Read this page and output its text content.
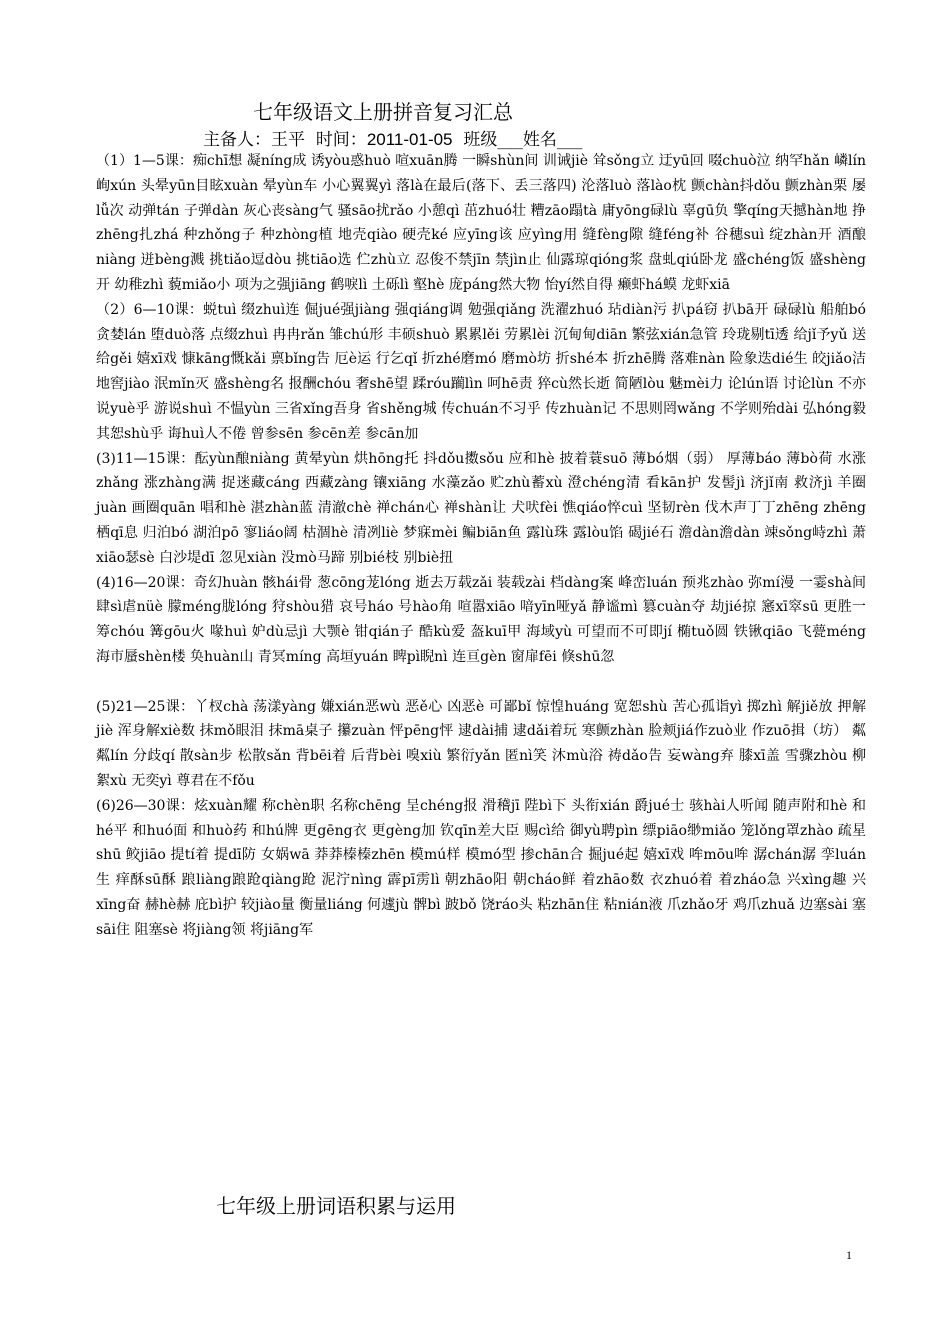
七年级语文上册拼音复习汇总
主备人：王平 时间：2011-01-05 班级___姓名___

（1）1—5课：痴chī想 凝níng成 诱yòu惑huò 喧xuān腾 一瞬shùn间 训诫jiè 耸sǒng立 迂yū回 啜chuò泣 纳罕hǎn 嶙lín峋xún 头晕yūn目眩xuàn 晕yùn车 小心翼翼yì 落là在最后(落下、丢三落四) 沦落luò 落lào枕 颤chàn抖dǒu 颤zhàn栗 屡lǚ次 动弹tán 子弹dàn 灰心丧sàng气 骚sāo扰rǎo 小憩qì 茁zhuó壮 糟zāo蹋tà 庸yōng碌lù 辜gū负 擎qíng天撼hàn地 挣zhēng扎zhá 种zhǒng子 种zhòng植 地壳qiào 硬壳ké 应yīng该 应yìng用 缝fèng隙 缝féng补 谷穗suì 绽zhàn开 酒酿niàng 迸bèng溅 挑tiǎo逗dòu 挑tiāo选 伫zhù立 忍俊不禁jīn 禁jìn止 仙露琼qióng浆 盘虬qiú卧龙 盛chéng饭 盛shèng开 幼稚zhì 藐miǎo小 项为之强jiāng 鹤唳lì 土砾lì 壑hè 庞páng然大物 怡yí然自得 癞虾há蟆 龙虾xiā

（2）6—10课：蜕tuì 缀zhuì连 倔jué强jiàng 强qiáng调 勉强qiǎng 洗濯zhuó 玷diàn污 扒pá窃 扒bā开 碌碌lù 船舶bó 贪婪lán 堕duò落 点缀zhuì 冉冉rǎn 雏chú形 丰硕shuò 累累lěi 劳累lèi 沉甸甸diān 繁弦xián急管 玲珑剔tī透 给jǐ予yǔ 送给gěi 嬉xī戏 慷kāng慨kǎi 禀bǐng告 厄è运 行乞qǐ 折zhé磨mó 磨mò坊 折shé本 折zhē腾 落难nàn 险象迭dié生 皎jiǎo洁 地窖jiào 泯mǐn灭 盛shèng名 报酬chóu 奢shē望 蹂róu躏lìn 呵hē责 猝cù然长逝 简陋lòu 魅mèi力 论lún语 讨论lùn 不亦说yuè乎 游说shuì 不愠yùn 三省xǐng吾身 省shěng城 传chuán不习乎 传zhuàn记 不思则罔wǎng 不学则殆dài 弘hóng毅 其恕shù乎 诲huì人不倦 曾参sēn 参cēn差 参cān加

(3)11—15课：酝yùn酿niàng 黄晕yùn 烘hōng托 抖dǒu擞sǒu 应和hè 披着蓑suō 薄bó烟（弱） 厚薄báo 薄bò荷 水涨zhǎng 涨zhàng满 捉迷藏cáng 西藏zàng 镶xiāng 水藻zǎo 贮zhù蓄xù 澄chéng清 看kān护 发髻jì 济jǐ南 救济jì 羊圈juàn 画圈quān 唱和hè 湛zhàn蓝 清澈chè 禅chán心 禅shàn让 犬吠fèi 憔qiáo悴cuì 坚韧rèn 伐木声丁丁zhēng zhēng 栖qī息 归泊bó 湖泊pō 寥liáo阔 枯涸hè 清冽liè 梦寐mèi 鳊biān鱼 露lù珠 露lòu馅 碣jié石 澹dàn澹dàn 竦sǒng峙zhì 萧xiāo瑟sè 白沙堤dī 忽见xiàn 没mò马蹄 别bié枝 别biè扭

(4)16—20课：奇幻huàn 骸hái骨 葱cōng茏lóng 逝去万载zǎi 装载zài 档dàng案 峰峦luán 预兆zhào 弥mí漫 一霎shà间 肆sì虐nüè 朦méng胧lóng 狩shòu猎 哀号háo 号hào角 喧嚣xiāo 喑yīn哑yǎ 静谧mì 篡cuàn夺 劫jié掠 窸xī窣sū 更胜一筹chóu 篝gōu火 喙huì 妒dù忌jì 大颚è 钳qián子 酷kù爱 盔kuī甲 海域yù 可望而不可即jí 椭tuǒ圆 铁锹qiāo 飞甍méng 海市蜃shèn楼 奂huàn山 青冥míng 高垣yuán 睥pì睨nì 连亘gèn 窗扉fēi 倏shū忽

(5)21—25课：丫杈chà 荡漾yàng 嫌xián恶wù 恶ě心 凶恶è 可鄙bǐ 惊惶huáng 宽恕shù 苦心孤诣yì 掷zhì 解jiě放 押解jiè 浑身解xiè数 抹mǒ眼泪 抹mā桌子 攥zuàn 怦pēng怦 逮dài捕 逮dǎi着玩 寒颤zhàn 脸颊jiá作zuò业 作zuō揖（坊） 粼粼lín 分歧qí 散sàn步 松散sǎn 背bēi着 后背bèi 嗅xiù 繁衍yǎn 匿nì笑 沐mù浴 祷dǎo告 妄wàng弃 膝xī盖 雪骤zhòu 柳絮xù 无奕yì 尊君在不fǒu

(6)26—30课：炫xuàn耀 称chèn职 名称chēng 呈chéng报 滑稽jī 陛bì下 头衔xián 爵jué士 骇hài人听闻 随声附和hè 和hé平 和huó面 和huò药 和hú牌 更gēng衣 更gèng加 钦qīn差大臣 赐cì给 御yù聘pìn 缥piāo缈miǎo 笼lǒng罩zhào 疏星shū 鲛jiāo 提tí着 提dī防 女娲wā 莽莽榛榛zhēn 模mú样 模mó型 掺chān合 掘jué起 嬉xī戏 哞mōu哞 潺chán潺 孪luán生 痒酥sū酥 踉liàng踉跄qiàng跄 泥泞nìng 霹pī雳lì 朝zhāo阳 朝cháo鲜 着zhāo数 衣zhuó着 着zháo急 兴xìng趣 兴xīng奋 赫hè赫 庇bì护 较jiào量 衡量liáng 何遽jù 髀bì 跛bǒ 饶ráo头 粘zhān住 粘nián液 爪zhǎo牙 鸡爪zhuǎ 边塞sài 塞sāi住 阻塞sè 将jiàng领 将jiāng军

七年级上册词语积累与运用
1
